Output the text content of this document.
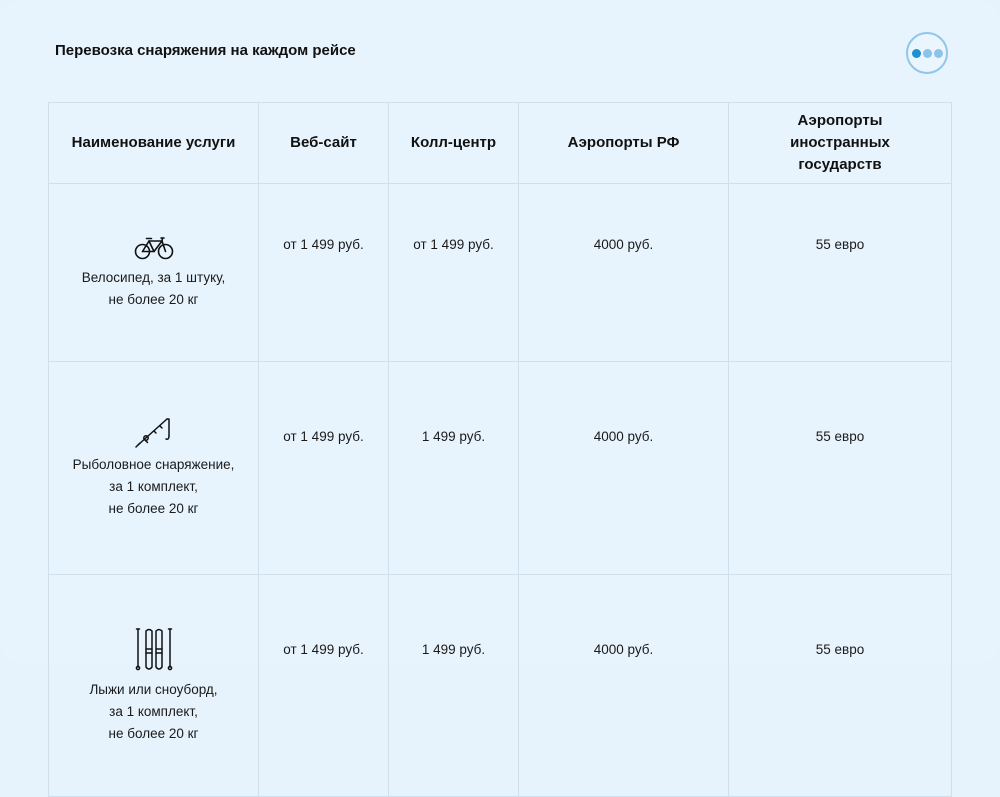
Перевозка снаряжения на каждом рейсе
Наименование услуги	Веб-сайт	Колл-центр	Аэропорты РФ	Аэропорты иностранных государств

Велосипед, за 1 штуку,
не более 20 кг	от 1 499 руб.	от 1 499 руб.	4000 руб.	55 евро

Рыболовное снаряжение,
за 1 комплект,
не более 20 кг	от 1 499 руб.	1 499 руб.	4000 руб.	55 евро

Лыжи или сноуборд,
за 1 комплект,
не более 20 кг	от 1 499 руб.	1 499 руб.	4000 руб.	55 евро
